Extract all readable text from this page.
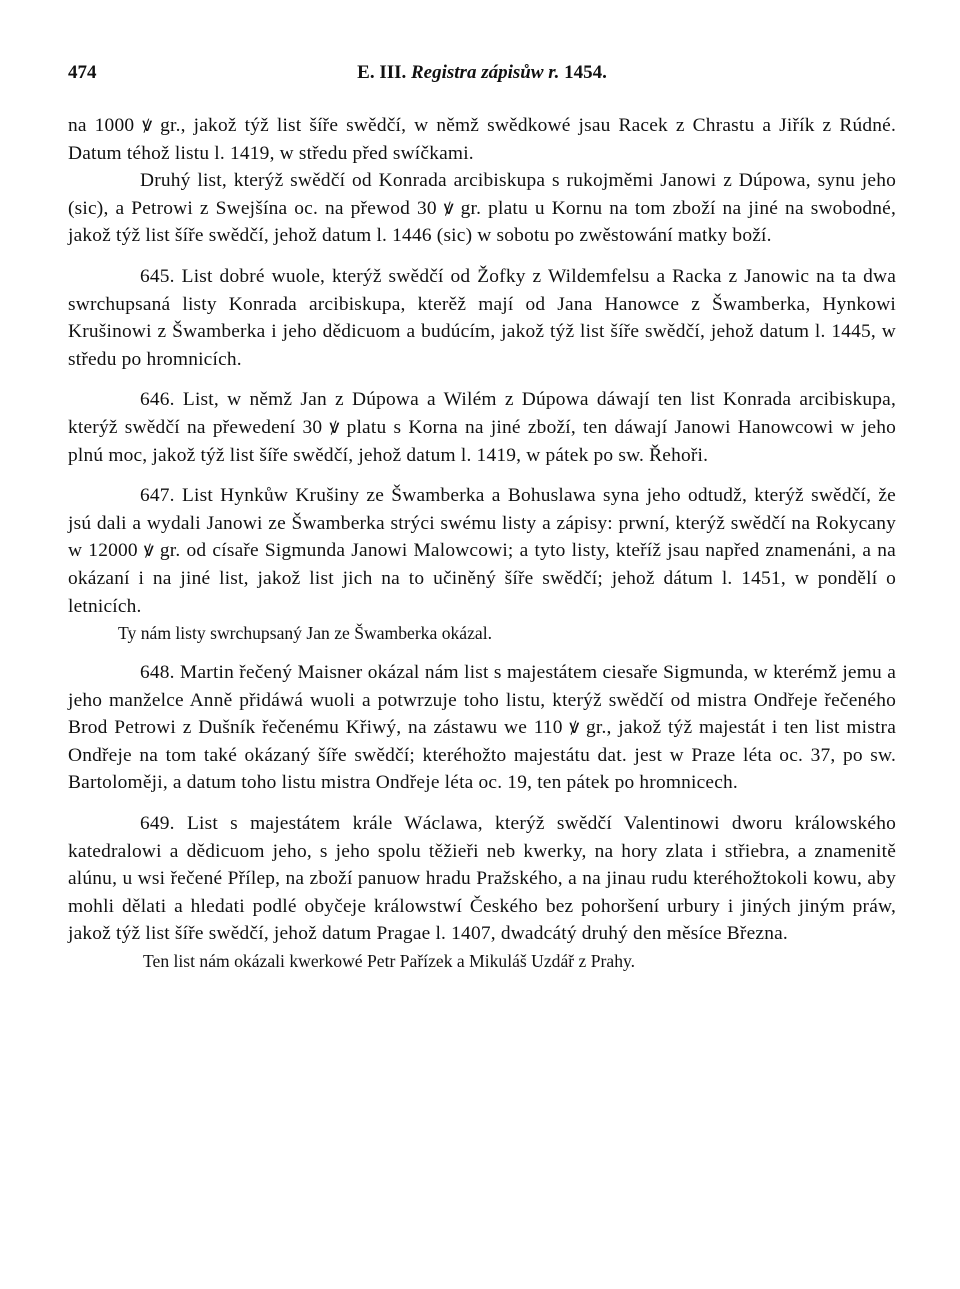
474	E. III. Registra zápisůw r. 1454.

na 1000 ꝟ gr., jakož týž list šíře swědčí, w němž swědkowé jsau Racek z Chrastu a Jiřík z Rúdné. Datum téhož listu l. 1419, w středu před swíčkami.

Druhý list, kterýž swědčí od Konrada arcibiskupa s rukojměmi Janowi z Dúpowa, synu jeho (sic), a Petrowi z Swejšína oc. na přewod 30 ꝟ gr. platu u Kornu na tom zboží na jiné na swobodné, jakož týž list šíře swědčí, jehož datum l. 1446 (sic) w sobotu po zwěstowání matky boží.

645. List dobré wuole, kterýž swědčí od Žofky z Wildemfelsu a Racka z Janowic na ta dwa swrchupsaná listy Konrada arcibiskupa, kterěž mají od Jana Hanowce z Šwamberka, Hynkowi Krušinowi z Šwamberka i jeho dědicuom a budúcím, jakož týž list šíře swědčí, jehož datum l. 1445, w středu po hromnicích.

646. List, w němž Jan z Dúpowa a Wilém z Dúpowa dáwají ten list Konrada arcibiskupa, kterýž swědčí na přewedení 30 ꝟ platu s Korna na jiné zboží, ten dáwají Janowi Hanowcowi w jeho plnú moc, jakož týž list šíře swědčí, jehož datum l. 1419, w pátek po sw. Řehoři.

647. List Hynkůw Krušiny ze Šwamberka a Bohuslawa syna jeho odtudž, kterýž swědčí, že jsú dali a wydali Janowi ze Šwamberka strýci swému listy a zápisy: prwní, kterýž swědčí na Rokycany w 12000 ꝟ gr. od císaře Sigmunda Janowi Malowcowi; a tyto listy, kteříž jsau napřed znamenáni, a na okázaní i na jiné list, jakož list jich na to učiněný šíře swědčí; jehož dátum l. 1451, w pondělí o letnicích.

Ty nám listy swrchupsaný Jan ze Šwamberka okázal.

648. Martin řečený Maisner okázal nám list s majestátem ciesaře Sigmunda, w kterémž jemu a jeho manželce Anně přidáwá wuoli a potwrzuje toho listu, kterýž swědčí od mistra Ondřeje řečeného Brod Petrowi z Dušník řečenému Křiwý, na zástawu we 110 ꝟ gr., jakož týž majestát i ten list mistra Ondřeje na tom také okázaný šíře swědčí; kteréhožto majestátu dat. jest w Praze léta oc. 37, po sw. Bartoloměji, a datum toho listu mistra Ondřeje léta oc. 19, ten pátek po hromnicech.

649. List s majestátem krále Wáclawa, kterýž swědčí Valentinowi dworu králowského katedralowi a dědicuom jeho, s jeho spolu těžieři neb kwerky, na hory zlata i střiebra, a znamenitě alúnu, u wsi řečené Přílep, na zboží panuow hradu Pražského, a na jinau rudu kteréhožtokoli kowu, aby mohli dělati a hledati podlé obyčeje králowstwí Českého bez pohoršení urbury i jiných jiným práw, jakož týž list šíře swědčí, jehož datum Pragae l. 1407, dwadcátý druhý den měsíce Března.

Ten list nám okázali kwerkowé Petr Pařízek a Mikuláš Uzdář z Prahy.
